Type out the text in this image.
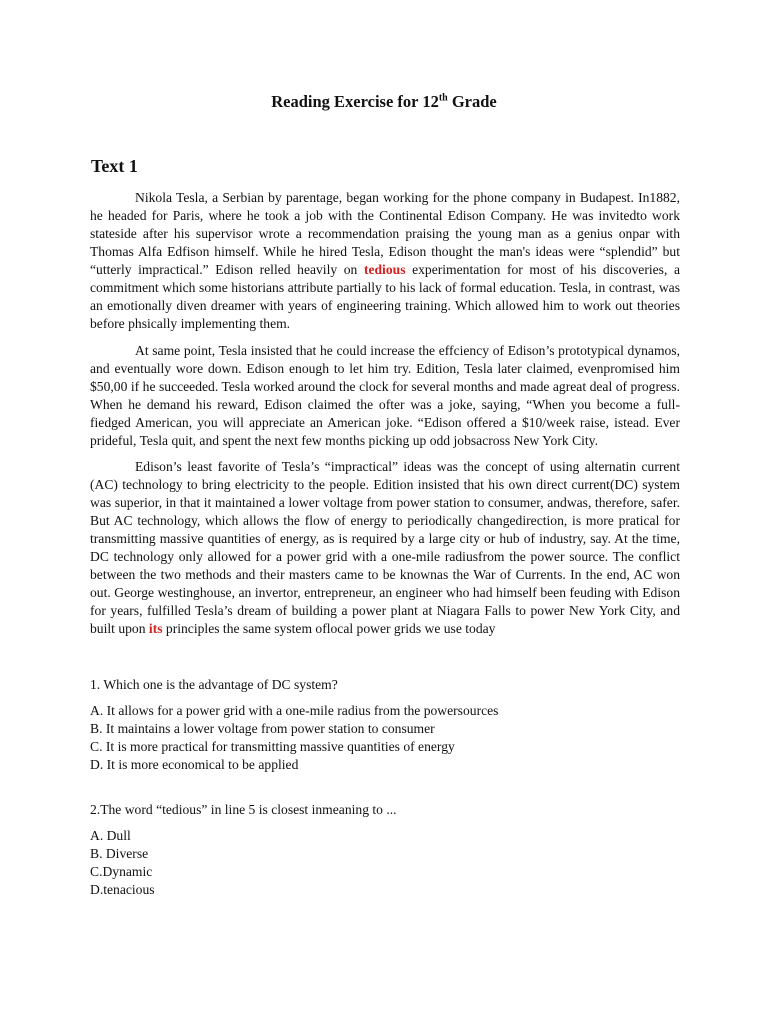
Reading Exercise for 12th Grade
Text 1

Nikola Tesla, a Serbian by parentage, began working for the phone company in Budapest. In1882, he headed for Paris, where he took a job with the Continental Edison Company. He was invitedto work stateside after his supervisor wrote a recommendation praising the young man as a genius onpar with Thomas Alfa Edfison himself. While he hired Tesla, Edison thought the man's ideas were “splendid” but “utterly impractical.” Edison relled heavily on tedious experimentation for most of his discoveries, a commitment which some historians attribute partially to his lack of formal education. Tesla, in contrast, was an emotionally diven dreamer with years of engineering training. Which allowed him to work out theories before phsically implementing them.

At same point, Tesla insisted that he could increase the effciency of Edison’s prototypical dynamos, and eventually wore down. Edison enough to let him try. Edition, Tesla later claimed, evenpromised him $50,00 if he succeeded. Tesla worked around the clock for several months and made agreat deal of progress. When he demand his reward, Edison claimed the ofter was a joke, saying, “When you become a full-fiedged American, you will appreciate an American joke. “Edison offered a $10/week raise, istead. Ever prideful, Tesla quit, and spent the next few months picking up odd jobsacross New York City.

Edison’s least favorite of Tesla’s “impractical” ideas was the concept of using alternatin current (AC) technology to bring electricity to the people. Edition insisted that his own direct current(DC) system was superior, in that it maintained a lower voltage from power station to consumer, andwas, therefore, safer. But AC technology, which allows the flow of energy to periodically changedirection, is more pratical for transmitting massive quantities of energy, as is required by a large city or hub of industry, say. At the time, DC technology only allowed for a power grid with a one-mile radiusfrom the power source. The conflict between the two methods and their masters came to be knownas the War of Currents. In the end, AC won out. George westinghouse, an invertor, entrepreneur, an engineer who had himself been feuding with Edison for years, fulfilled Tesla’s dream of building a power plant at Niagara Falls to power New York City, and built upon its principles the same system oflocal power grids we use today

1. Which one is the advantage of DC system?
A. It allows for a power grid with a one-mile radius from the powersources
B. It maintains a lower voltage from power station to consumer
C. It is more practical for transmitting massive quantities of energy
D. It is more economical to be applied
2.The word “tedious” in line 5 is closest inmeaning to ...
A. Dull
B. Diverse
C.Dynamic
D.tenacious
